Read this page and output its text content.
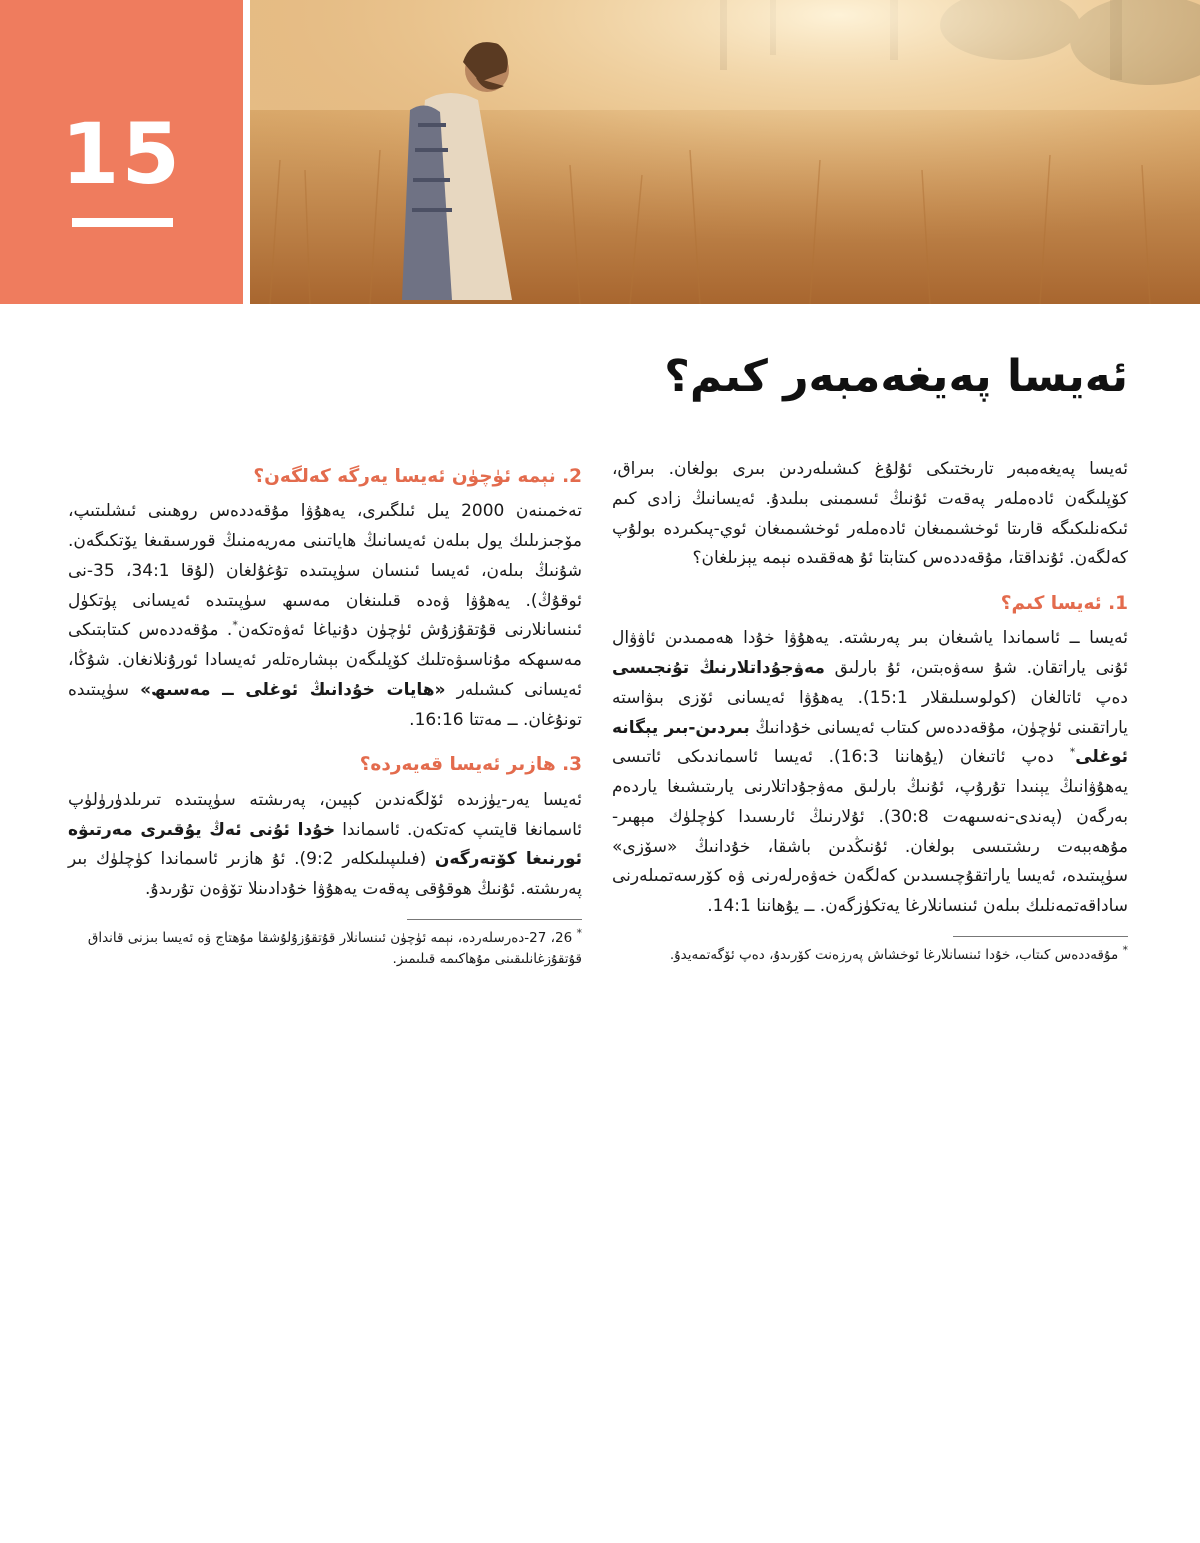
15
ئەيسا پەيغەمبەر كىم؟

ئەيسا پەيغەمبەر تارىختىكى ئۇلۇغ كىشىلەردىن بىرى بولغان. بىراق، كۆپلىگەن ئادەملەر پەقەت ئۇنىڭ ئىسمىنى بىلىدۇ. ئەيسانىڭ زادى كىم ئىكەنلىكىگە قارىتا ئوخشىمىغان ئادەملەر ئوخشىمىغان ئوي-پىكىردە بولۇپ كەلگەن. ئۇنداقتا، مۇقەددەس كىتابتا ئۇ ھەققىدە نېمە يېزىلغان؟

1. ئەيسا كىم؟

ئەيسا ــ ئاسماندا ياشىغان بىر پەرىشتە. يەھۇۋا خۇدا ھەممىدىن ئاۋۋال ئۇنى ياراتقان. شۇ سەۋەبتىن، ئۇ بارلىق مەۋجۇداتلارنىڭ تۇنجىسى دەپ ئاتالغان (كولوسىلىقلار 15:1). يەھۇۋا ئەيسانى ئۆزى بىۋاستە ياراتقىنى ئۈچۈن، مۇقەددەس كىتاب ئەيسانى خۇدانىڭ بىردىن-بىر يېگانە ئوغلى* دەپ ئاتىغان (يۇھاننا 16:3). ئەيسا ئاسماندىكى ئاتىسى يەھۇۋانىڭ يېنىدا تۇرۇپ، ئۇنىڭ بارلىق مەۋجۇداتلارنى يارىتىشىغا ياردەم بەرگەن (پەندى-نەسىھەت 30:8). ئۇلارنىڭ ئارىسىدا كۈچلۈك مېھىر-مۇھەببەت رىشتىسى بولغان. ئۇنىڭدىن باشقا، خۇدانىڭ «سۆزى» سۈپىتىدە، ئەيسا ياراتقۇچىسىدىن كەلگەن خەۋەرلەرنى ۋە كۆرسەتمىلەرنى ساداقەتمەنلىك بىلەن ئىنسانلارغا يەتكۈزگەن. ــ يۇھاننا 14:1.

* مۇقەددەس كىتاب، خۇدا ئىنسانلارغا ئوخشاش پەرزەنت كۆرىدۇ، دەپ ئۆگەتمەيدۇ.

2. نېمە ئۈچۈن ئەيسا يەرگە كەلگەن؟

تەخمىنەن 2000 يىل ئىلگىرى، يەھۇۋا مۇقەددەس روھىنى ئىشلىتىپ، مۆجىزىلىك يول بىلەن ئەيسانىڭ ھاياتىنى مەريەمنىڭ قورسىقىغا يۆتكىگەن. شۇنىڭ بىلەن، ئەيسا ئىنسان سۈپىتىدە تۇغۇلغان (لۇقا 34:1، 35-نى ئوقۇڭ). يەھۇۋا ۋەدە قىلىنغان مەسىھ سۈپىتىدە ئەيسانى پۈتكۈل ئىنسانلارنى قۇتقۇزۇش ئۈچۈن دۇنياغا ئەۋەتكەن*. مۇقەددەس كىتابتىكى مەسىھكە مۇناسىۋەتلىك كۆپلىگەن بېشارەتلەر ئەيسادا ئورۇنلانغان. شۇڭا، ئەيسانى كىشىلەر «ھايات خۇدانىڭ ئوغلى ــ مەسىھ» سۈپىتىدە تونۇغان. ــ مەتتا 16:16.

3. ھازىر ئەيسا قەيەردە؟

ئەيسا يەر-يۈزىدە ئۆلگەندىن كېيىن، پەرىشتە سۈپىتىدە تىرىلدۈرۈلۈپ ئاسمانغا قايتىپ كەتكەن. ئاسماندا خۇدا ئۇنى ئەڭ يۇقىرى مەرتىۋە ئورنىغا كۆتەرگەن (فىلىپىلىكلەر 9:2). ئۇ ھازىر ئاسماندا كۈچلۈك بىر پەرىشتە. ئۇنىڭ ھوقۇقى پەقەت يەھۇۋا خۇدادىنلا تۆۋەن تۇرىدۇ.

* 26، 27-دەرسلەردە، نېمە ئۈچۈن ئىنسانلار قۇتقۇزۇلۇشقا مۇھتاج ۋە ئەيسا بىزنى قانداق قۇتقۇزغانلىقىنى مۇھاكىمە قىلىمىز.
